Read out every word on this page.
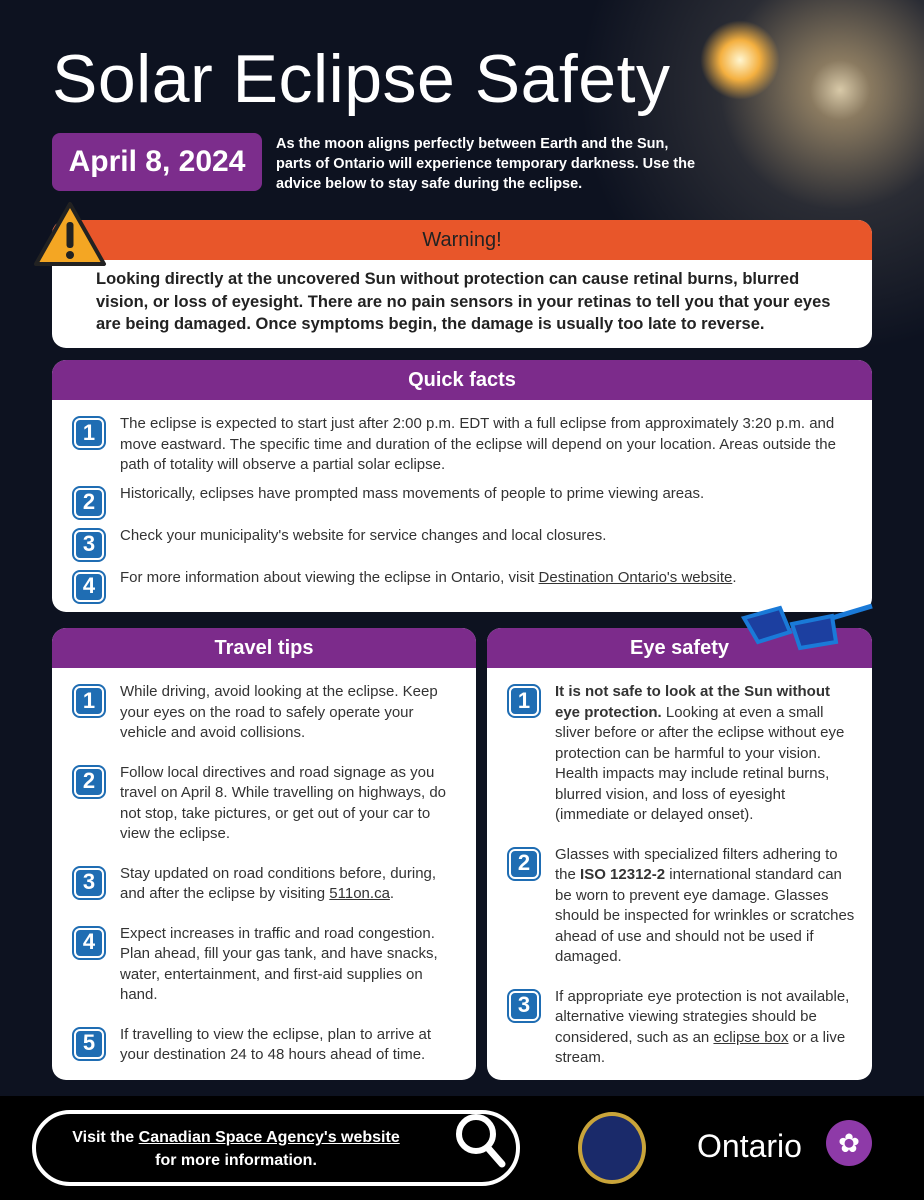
Solar Eclipse Safety
April 8, 2024
As the moon aligns perfectly between Earth and the Sun, parts of Ontario will experience temporary darkness. Use the advice below to stay safe during the eclipse.
Warning!
Looking directly at the uncovered Sun without protection can cause retinal burns, blurred vision, or loss of eyesight. There are no pain sensors in your retinas to tell you that your eyes are being damaged. Once symptoms begin, the damage is usually too late to reverse.
Quick facts
1	The eclipse is expected to start just after 2:00 p.m. EDT with a full eclipse from approximately 3:20 p.m. and move eastward. The specific time and duration of the eclipse will depend on your location. Areas outside the path of totality will observe a partial solar eclipse.
2	Historically, eclipses have prompted mass movements of people to prime viewing areas.
3	Check your municipality's website for service changes and local closures.
4	For more information about viewing the eclipse in Ontario, visit Destination Ontario's website.
Travel tips
1	While driving, avoid looking at the eclipse. Keep your eyes on the road to safely operate your vehicle and avoid collisions.
2	Follow local directives and road signage as you travel on April 8. While travelling on highways, do not stop, take pictures, or get out of your car to view the eclipse.
3	Stay updated on road conditions before, during, and after the eclipse by visiting 511on.ca.
4	Expect increases in traffic and road congestion. Plan ahead, fill your gas tank, and have snacks, water, entertainment, and first-aid supplies on hand.
5	If travelling to view the eclipse, plan to arrive at your destination 24 to 48 hours ahead of time.
Eye safety
1	It is not safe to look at the Sun without eye protection. Looking at even a small sliver before or after the eclipse without eye protection can be harmful to your vision. Health impacts may include retinal burns, blurred vision, and loss of eyesight (immediate or delayed onset).
2	Glasses with specialized filters adhering to the ISO 12312-2 international standard can be worn to prevent eye damage. Glasses should be inspected for wrinkles or scratches ahead of use and should not be used if damaged.
3	If appropriate eye protection is not available, alternative viewing strategies should be considered, such as an eclipse box or a live stream.
Visit the Canadian Space Agency's website
for more information.	Ontario	✿
